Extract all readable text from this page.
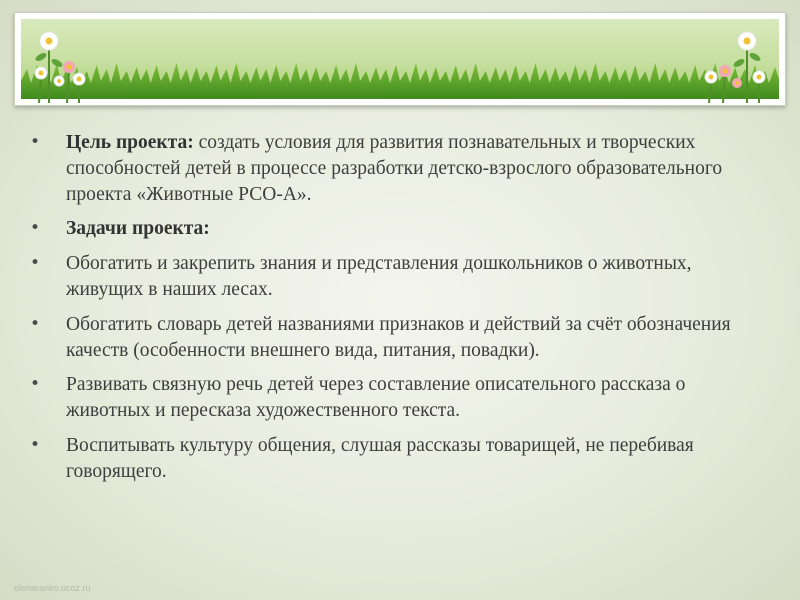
•	Цель проекта: создать условия для развития познавательных и творческих способностей детей в процессе разработки детско-взрослого образовательного проекта «Животные РСО-А».
•	Задачи проекта:
•	Обогатить и закрепить знания и представления дошкольников о животных, живущих в наших лесах.
•	Обогатить словарь детей названиями признаков и действий за счёт обозначения качеств (особенности внешнего вида, питания, повадки).
•	Развивать связную речь детей через составление описательного рассказа о животных и пересказа художественного текста.
•	Воспитывать культуру общения, слушая рассказы товарищей, не перебивая говорящего.
olenaranko.ucoz.ru
